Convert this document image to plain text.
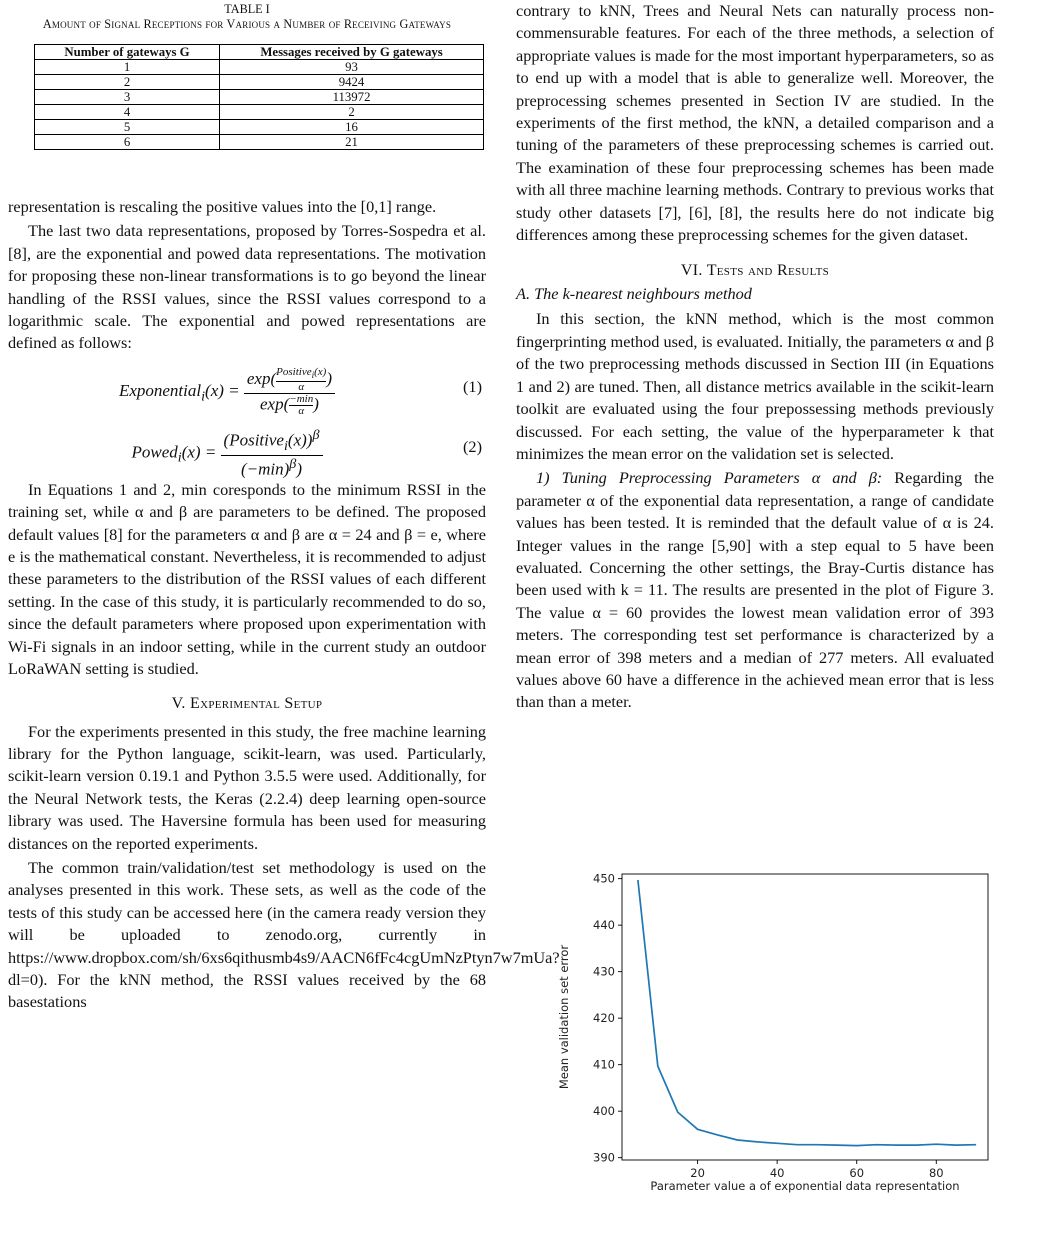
TABLE I
Amount of Signal Receptions for Various a Number of Receiving Gateways
Number of gateways G	Messages received by G gateways
1	93
2	9424
3	113972
4	2
5	16
6	21

representation is rescaling the positive values into the [0,1] range.

The last two data representations, proposed by Torres-Sospedra et al. [8], are the exponential and powed data representations. The motivation for proposing these non-linear transformations is to go beyond the linear handling of the RSSI values, since the RSSI values correspond to a logarithmic scale. The exponential and powed representations are defined as follows:

Exponential$_i$(x) = exp( Positive$_i$(x)
α	)
exp( −min
α )	(1)
Powed$_i$(x) = $\frac{(Positive_i(x))^\beta}{(-\min)^\beta)}$	(2)

In Equations 1 and 2, min coresponds to the minimum RSSI in the training set, while α and β are parameters to be defined. The proposed default values [8] for the parameters α and β are α = 24 and β = e, where e is the mathematical constant. Nevertheless, it is recommended to adjust these parameters to the distribution of the RSSI values of each different setting. In the case of this study, it is particularly recommended to do so, since the default parameters where proposed upon experimentation with Wi-Fi signals in an indoor setting, while in the current study an outdoor LoRaWAN setting is studied.

V. Experimental Setup

For the experiments presented in this study, the free machine learning library for the Python language, scikit-learn, was used. Particularly, scikit-learn version 0.19.1 and Python 3.5.5 were used. Additionally, for the Neural Network tests, the Keras (2.2.4) deep learning open-source library was used. The Haversine formula has been used for measuring distances on the reported experiments.

The common train/validation/test set methodology is used on the analyses presented in this work. These sets, as well as the code of the tests of this study can be accessed here (in the camera ready version they will be uploaded to zenodo.org, currently in https://www.dropbox.com/sh/6xs6qithusmb4s9/AACN6fFc4cgUmNzPtyn7w7mUa?dl=0). For the kNN method, the RSSI values received by the 68 basestations

contrary to kNN, Trees and Neural Nets can naturally process non-commensurable features. For each of the three methods, a selection of appropriate values is made for the most important hyperparameters, so as to end up with a model that is able to generalize well. Moreover, the preprocessing schemes presented in Section IV are studied. In the experiments of the first method, the kNN, a detailed comparison and a tuning of the parameters of these preprocessing schemes is carried out. The examination of these four preprocessing schemes has been made with all three machine learning methods. Contrary to previous works that study other datasets [7], [6], [8], the results here do not indicate big differences among these preprocessing schemes for the given dataset.

VI. Tests and Results
A. The k-nearest neighbours method

In this section, the kNN method, which is the most common fingerprinting method used, is evaluated. Initially, the parameters α and β of the two preprocessing methods discussed in Section III (in Equations 1 and 2) are tuned. Then, all distance metrics available in the scikit-learn toolkit are evaluated using the four prepossessing methods previously discussed. For each setting, the value of the hyperparameter k that minimizes the mean error on the validation set is selected.

1) Tuning Preprocessing Parameters α and β: Regarding the parameter α of the exponential data representation, a range of candidate values has been tested. It is reminded that the default value of α is 24. Integer values in the range [5,90] with a step equal to 5 have been evaluated. Concerning the other settings, the Bray-Curtis distance has been used with k = 11. The results are presented in the plot of Figure 3. The value α = 60 provides the lowest mean validation error of 393 meters. The corresponding test set performance is characterized by a mean error of 398 meters and a median of 277 meters. All evaluated values above 60 have a difference in the achieved mean error that is less than than a meter.

390
400
410
420
430
440
450
20	40	60	80
Parameter value a of exponential data representation
Mean validation set error
